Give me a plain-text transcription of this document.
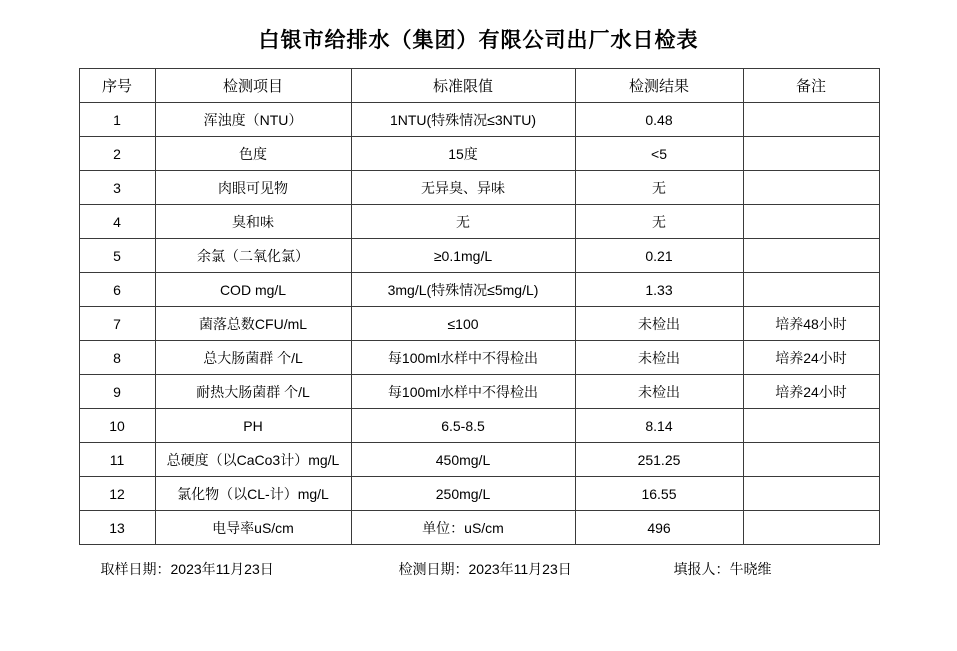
白银市给排水（集团）有限公司出厂水日检表
序号	检测项目	标准限值	检测结果	备注
1	浑浊度（NTU）	1NTU(特殊情况≤3NTU)	0.48	
2	色度	15度	<5	
3	肉眼可见物	无异臭、异味	无	
4	臭和味	无	无	
5	余氯（二氧化氯）	≥0.1mg/L	0.21	
6	COD mg/L	3mg/L(特殊情况≤5mg/L)	1.33	
7	菌落总数CFU/mL	≤100	未检出	培养48小时
8	总大肠菌群 个/L	每100ml水样中不得检出	未检出	培养24小时
9	耐热大肠菌群 个/L	每100ml水样中不得检出	未检出	培养24小时
10	PH	6.5-8.5	8.14	
11	总硬度（以CaCo3计）mg/L	450mg/L	251.25	
12	氯化物（以CL-计）mg/L	250mg/L	16.55	
13	电导率uS/cm	单位：uS/cm	496	
取样日期：2023年11月23日	检测日期：2023年11月23日	填报人：牛晓维
